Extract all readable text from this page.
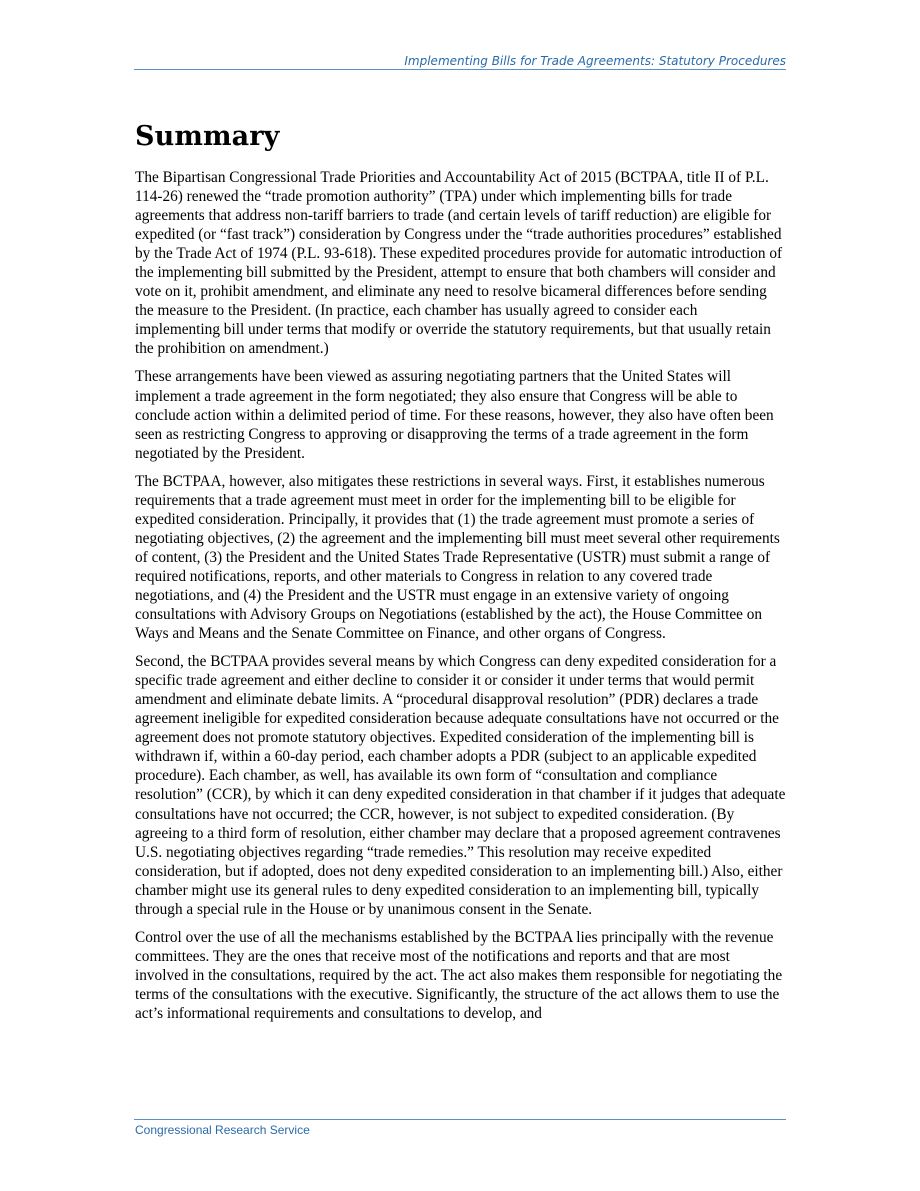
Implementing Bills for Trade Agreements: Statutory Procedures
Summary

The Bipartisan Congressional Trade Priorities and Accountability Act of 2015 (BCTPAA, title II of P.L. 114-26) renewed the “trade promotion authority” (TPA) under which implementing bills for trade agreements that address non-tariff barriers to trade (and certain levels of tariff reduction) are eligible for expedited (or “fast track”) consideration by Congress under the “trade authorities procedures” established by the Trade Act of 1974 (P.L. 93-618). These expedited procedures provide for automatic introduction of the implementing bill submitted by the President, attempt to ensure that both chambers will consider and vote on it, prohibit amendment, and eliminate any need to resolve bicameral differences before sending the measure to the President. (In practice, each chamber has usually agreed to consider each implementing bill under terms that modify or override the statutory requirements, but that usually retain the prohibition on amendment.)

These arrangements have been viewed as assuring negotiating partners that the United States will implement a trade agreement in the form negotiated; they also ensure that Congress will be able to conclude action within a delimited period of time. For these reasons, however, they also have often been seen as restricting Congress to approving or disapproving the terms of a trade agreement in the form negotiated by the President.

The BCTPAA, however, also mitigates these restrictions in several ways. First, it establishes numerous requirements that a trade agreement must meet in order for the implementing bill to be eligible for expedited consideration. Principally, it provides that (1) the trade agreement must promote a series of negotiating objectives, (2) the agreement and the implementing bill must meet several other requirements of content, (3) the President and the United States Trade Representative (USTR) must submit a range of required notifications, reports, and other materials to Congress in relation to any covered trade negotiations, and (4) the President and the USTR must engage in an extensive variety of ongoing consultations with Advisory Groups on Negotiations (established by the act), the House Committee on Ways and Means and the Senate Committee on Finance, and other organs of Congress.

Second, the BCTPAA provides several means by which Congress can deny expedited consideration for a specific trade agreement and either decline to consider it or consider it under terms that would permit amendment and eliminate debate limits. A “procedural disapproval resolution” (PDR) declares a trade agreement ineligible for expedited consideration because adequate consultations have not occurred or the agreement does not promote statutory objectives. Expedited consideration of the implementing bill is withdrawn if, within a 60-day period, each chamber adopts a PDR (subject to an applicable expedited procedure). Each chamber, as well, has available its own form of “consultation and compliance resolution” (CCR), by which it can deny expedited consideration in that chamber if it judges that adequate consultations have not occurred; the CCR, however, is not subject to expedited consideration. (By agreeing to a third form of resolution, either chamber may declare that a proposed agreement contravenes U.S. negotiating objectives regarding “trade remedies.” This resolution may receive expedited consideration, but if adopted, does not deny expedited consideration to an implementing bill.) Also, either chamber might use its general rules to deny expedited consideration to an implementing bill, typically through a special rule in the House or by unanimous consent in the Senate.

Control over the use of all the mechanisms established by the BCTPAA lies principally with the revenue committees. They are the ones that receive most of the notifications and reports and that are most involved in the consultations, required by the act. The act also makes them responsible for negotiating the terms of the consultations with the executive. Significantly, the structure of the act allows them to use the act’s informational requirements and consultations to develop, and

Congressional Research Service
